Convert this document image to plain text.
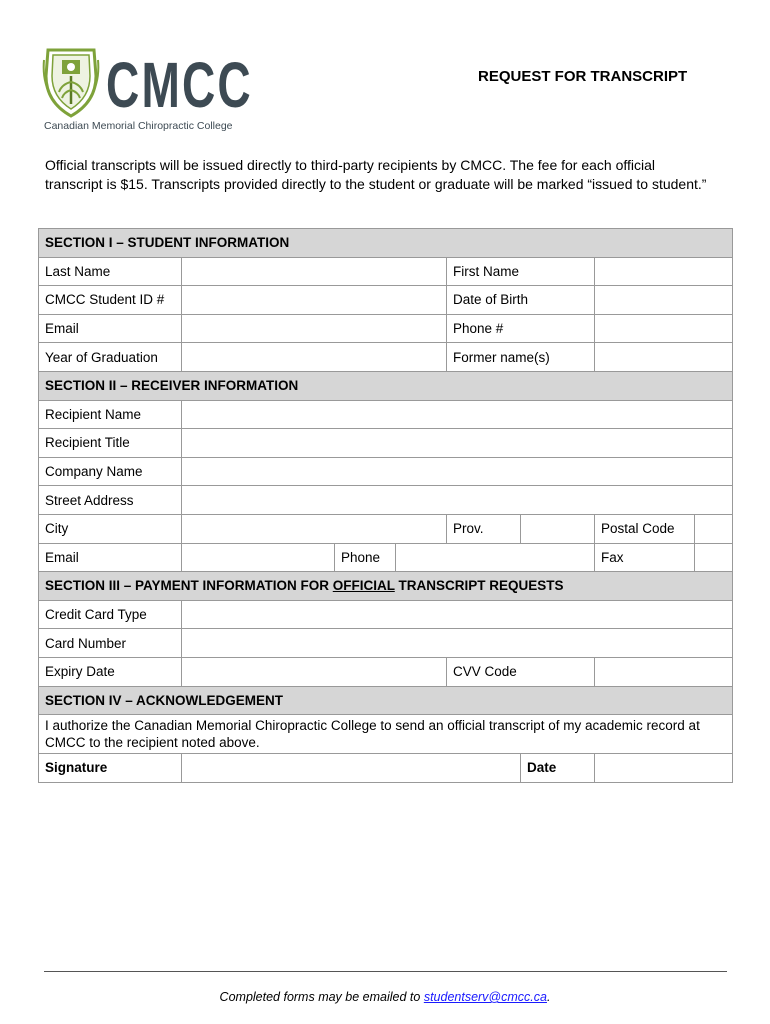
CMCC
Canadian Memorial Chiropractic College
REQUEST FOR TRANSCRIPT
Official transcripts will be issued directly to third-party recipients by CMCC. The fee for each official transcript is $15. Transcripts provided directly to the student or graduate will be marked “issued to student.”
SECTION I – STUDENT INFORMATION							
Last Name				First Name			
CMCC Student ID #				Date of Birth			
Email				Phone #			
Year of Graduation				Former name(s)			
SECTION II – RECEIVER INFORMATION							
Recipient Name							
Recipient Title							
Company Name							
Street Address							
City				Prov.		Postal Code	
Email		Phone				Fax	
SECTION III – PAYMENT INFORMATION FOR OFFICIAL TRANSCRIPT REQUESTS							
Credit Card Type							
Card Number							
Expiry Date				CVV Code			
SECTION IV – ACKNOWLEDGEMENT							
I authorize the Canadian Memorial Chiropractic College to send an official transcript of my academic record at CMCC to the recipient noted above.							
Signature					Date		
Completed forms may be emailed to studentserv@cmcc.ca.
